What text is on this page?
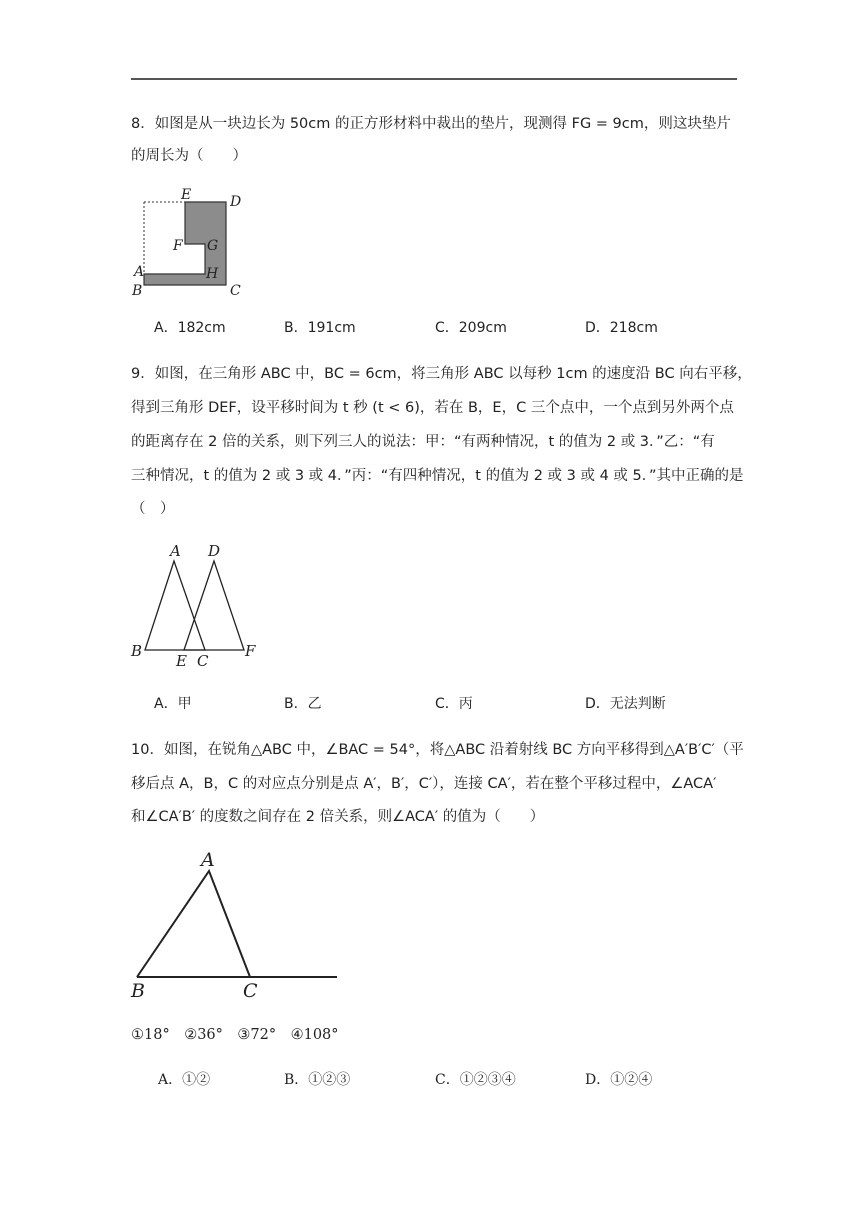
8．如图是从一块边长为 50cm 的正方形材料中裁出的垫片，现测得 FG = 9cm，则这块垫片
的周长为（　　）
E	D
F G
A	H
B	C
A．182cm	B．191cm	C．209cm	D．218cm
9．如图，在三角形 ABC 中，BC = 6cm，将三角形 ABC 以每秒 1cm 的速度沿 BC 向右平移，
得到三角形 DEF，设平移时间为 t 秒 (t < 6)，若在 B，E，C 三个点中，一个点到另外两个点
的距离存在 2 倍的关系，则下列三人的说法：甲：“有两种情况，t 的值为 2 或 3．”乙：“有
三种情况，t 的值为 2 或 3 或 4．”丙：“有四种情况，t 的值为 2 或 3 或 4 或 5．”其中正确的是
（　）
A D
B
E C
F
A．甲	B．乙	C．丙	D．无法判断
10．如图，在锐角△ABC 中，∠BAC = 54°，将△ABC 沿着射线 BC 方向平移得到△A′B′C′（平
移后点 A，B，C 的对应点分别是点 A′，B′，C′），连接 CA′，若在整个平移过程中，∠ACA′
和∠CA′B′ 的度数之间存在 2 倍关系，则∠ACA′ 的值为（　　）
A
B	C
①18°　②36°　③72°　④108°
A．①②	B．①②③	C．①②③④	D．①②④
